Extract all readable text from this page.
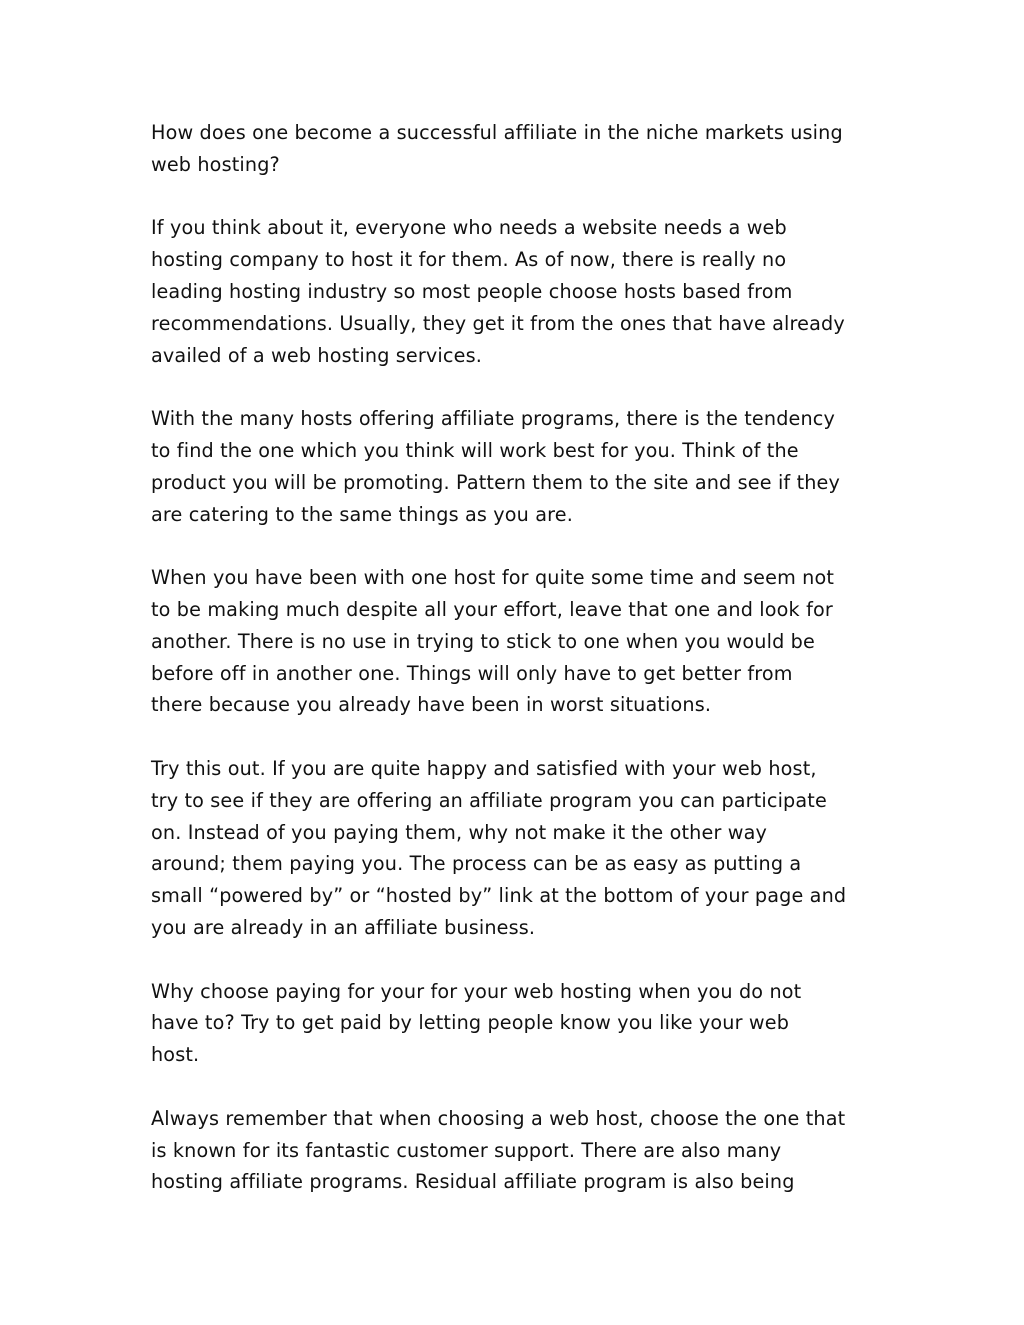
How does one become a successful affiliate in the niche markets using
web hosting?

If you think about it, everyone who needs a website needs a web
hosting company to host it for them. As of now, there is really no
leading hosting industry so most people choose hosts based from
recommendations. Usually, they get it from the ones that have already
availed of a web hosting services.

With the many hosts offering affiliate programs, there is the tendency
to find the one which you think will work best for you. Think of the
product you will be promoting. Pattern them to the site and see if they
are catering to the same things as you are.

When you have been with one host for quite some time and seem not
to be making much despite all your effort, leave that one and look for
another. There is no use in trying to stick to one when you would be
before off in another one. Things will only have to get better from
there because you already have been in worst situations.

Try this out. If you are quite happy and satisfied with your web host,
try to see if they are offering an affiliate program you can participate
on. Instead of you paying them, why not make it the other way
around; them paying you. The process can be as easy as putting a
small “powered by” or “hosted by” link at the bottom of your page and
you are already in an affiliate business.

Why choose paying for your for your web hosting when you do not
have to? Try to get paid by letting people know you like your web
host.

Always remember that when choosing a web host, choose the one that
is known for its fantastic customer support. There are also many
hosting affiliate programs. Residual affiliate program is also being
